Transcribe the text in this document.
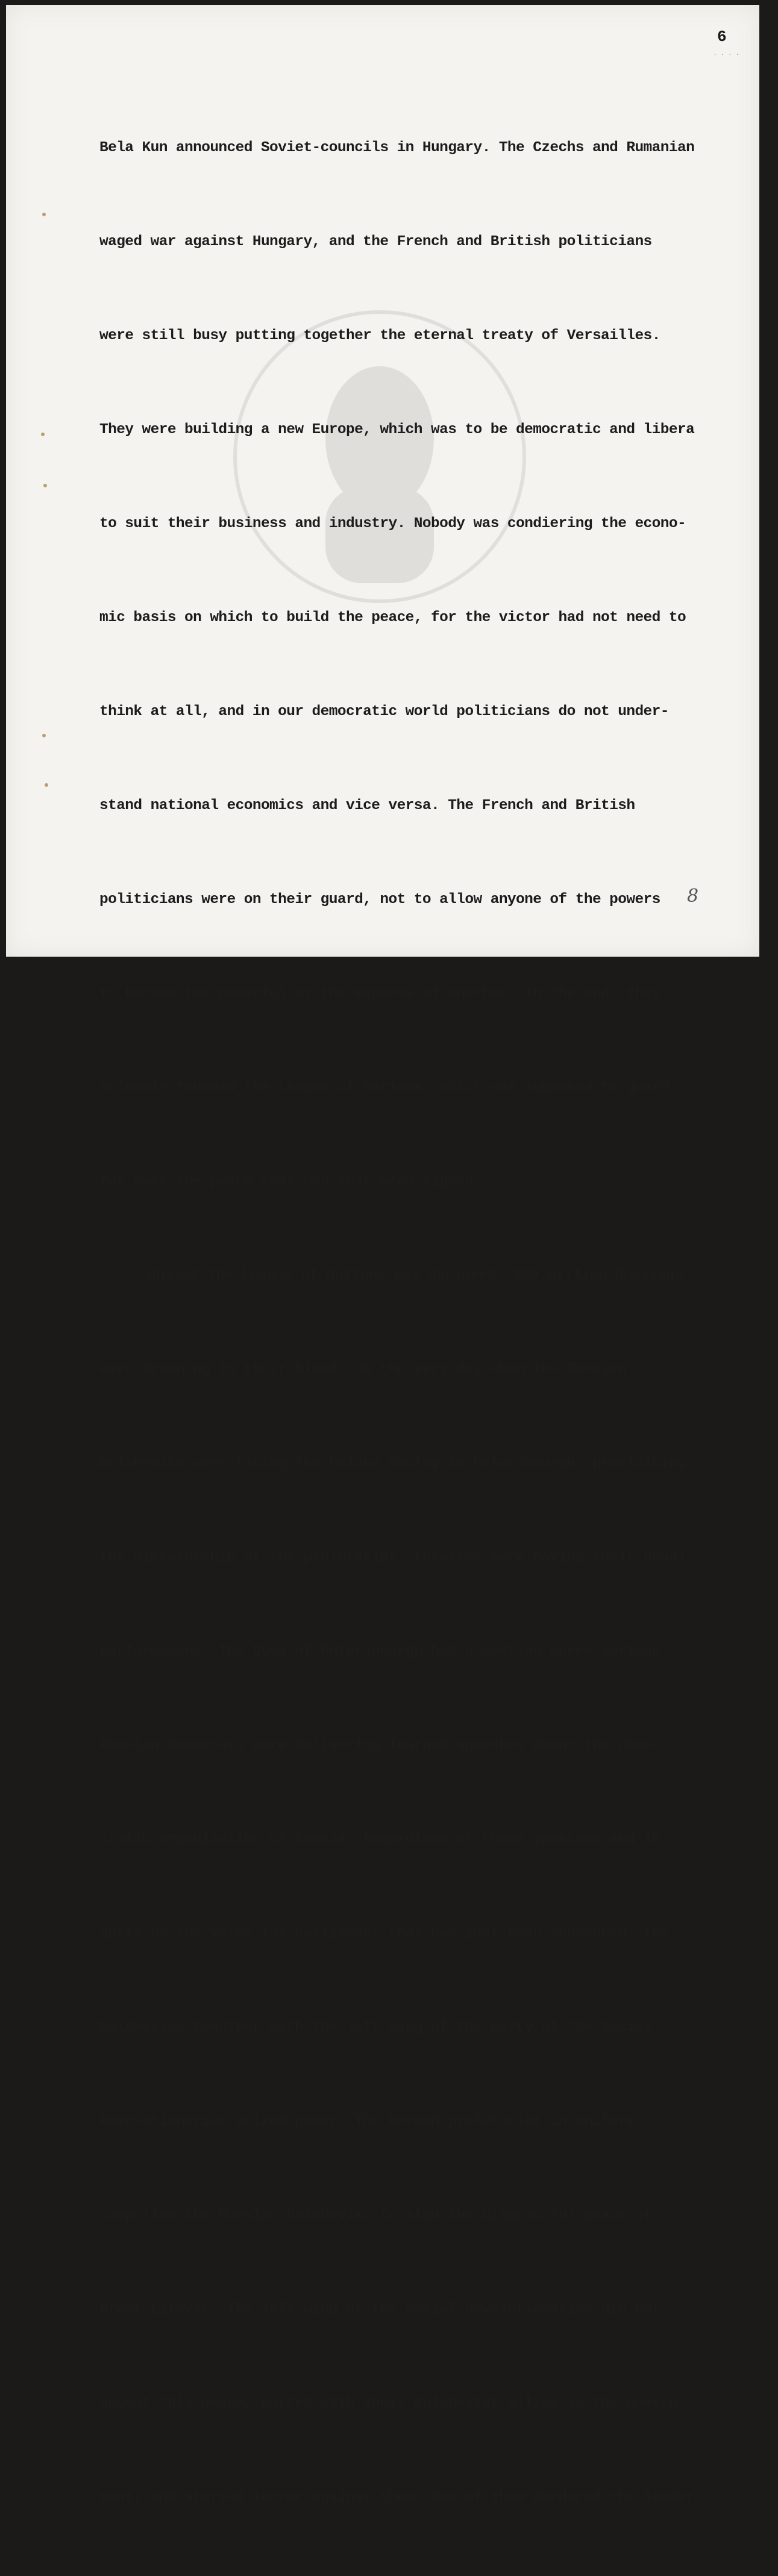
· · · ·
6

Bela Kun announced Soviet-councils in Hungary. The Czechs and Rumanian

waged war against Hungary, and the French and British politicians

were still busy putting together the eternal treaty of Versailles.

They were building a new Europe, which was to be democratic and libera

to suit their business and industry. Nobody was condiering the econo-

mic basis on which to build the peace, for the victor had not need to

think at all, and in our democratic world politicians do not under-

stand national economics and vice versa. The French and British

politicians were on their guard, not to allow anyone of the powers

to become too powerful at the expense of another. In the end, they

solemnly founded the League of Nations, which was supposed to guard

for ever the peace that had just been signed.

Whilst the League of Nations was declared, 160 million Russians

were drowning in their blood. On the very day when the Russian

Bolsheviks were taking the Palace Smolny in Petersbourgh, proclaiming

the dictatorship of the proletariat, theatres were having their usual

performances. The Duma of Petersbourgh had a meeting where serious

Russian democrats were delivering learned speeches about the demo-

cratic organisation of Russia. Regardless of these speeches and in

spite of the votes for Parliament that had just been announced, the

Bolsheviks together with the left wing of the party of the Social

Revolutionaries seized power. The German proletariat in uniform

compelled the Russian Bolsheviks to sign the disgraceful peace of

Brest-Litovsk. The left wing of the Social Revolutionaries did not

accept this peace, parted with their Bolshevist allies in the govern-

ment, and started terror against them. One of them murdered the leader

8
